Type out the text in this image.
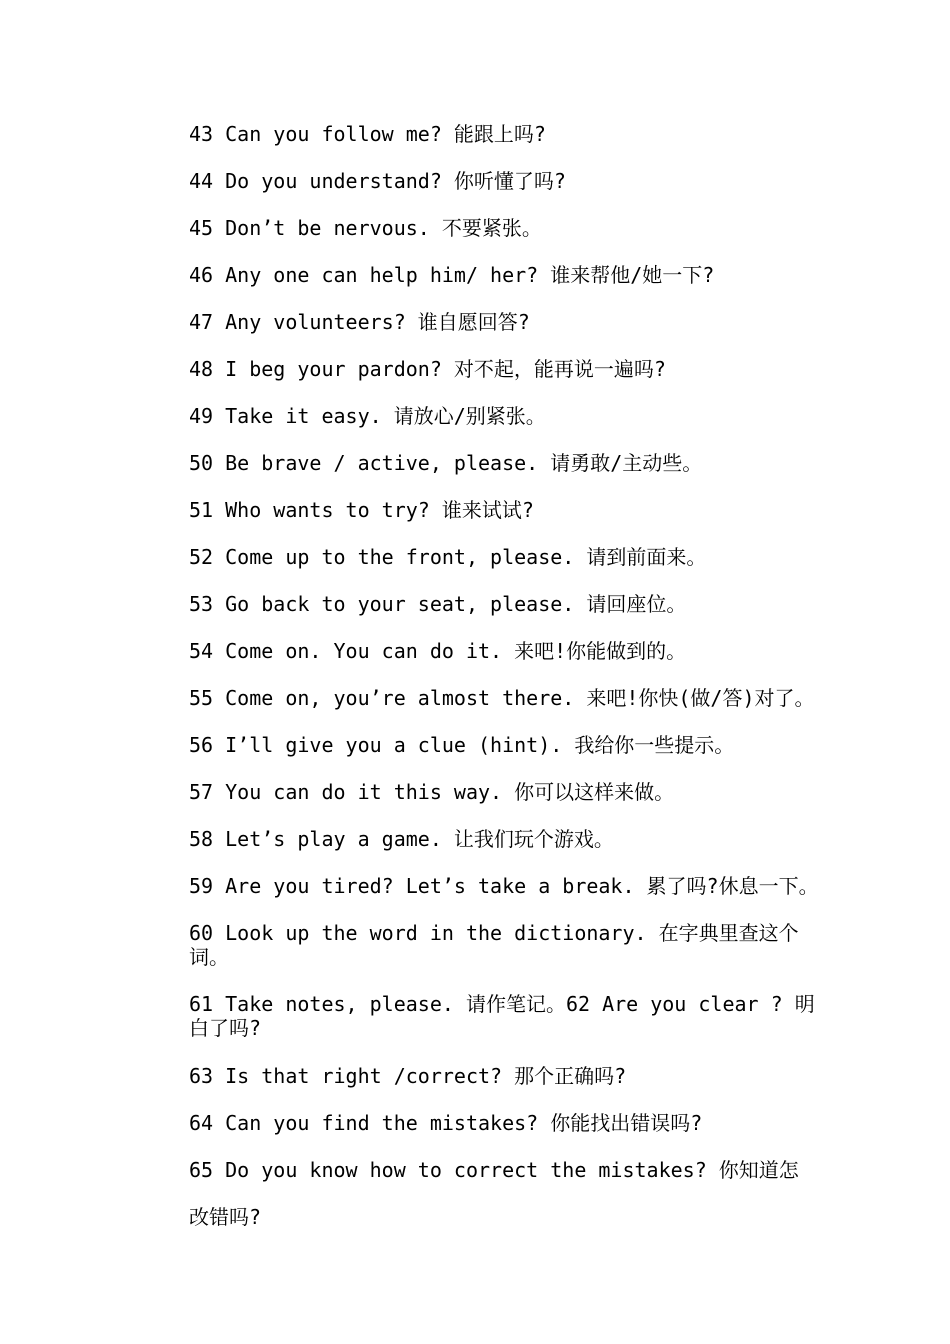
43 Can you follow me? 能跟上吗?
44 Do you understand? 你听懂了吗?
45 Don’t be nervous. 不要紧张。
46 Any one can help him/ her? 谁来帮他/她一下?
47 Any volunteers? 谁自愿回答?
48 I beg your pardon? 对不起，能再说一遍吗?
49 Take it easy. 请放心/别紧张。
50 Be brave / active, please. 请勇敢/主动些。
51 Who wants to try? 谁来试试?
52 Come up to the front, please. 请到前面来。
53 Go back to your seat, please. 请回座位。
54 Come on. You can do it. 来吧!你能做到的。
55 Come on, you’re almost there. 来吧!你快(做/答)对了。
56 I’ll give you a clue (hint). 我给你一些提示。
57 You can do it this way. 你可以这样来做。
58 Let’s play a game. 让我们玩个游戏。
59 Are you tired? Let’s take a break. 累了吗?休息一下。
60 Look up the word in the dictionary. 在字典里查这个词。
61 Take notes, please. 请作笔记。62 Are you clear ? 明白了吗?
63 Is that right /correct? 那个正确吗?
64 Can you find the mistakes? 你能找出错误吗?
65 Do you know how to correct the mistakes? 你知道怎
改错吗?
